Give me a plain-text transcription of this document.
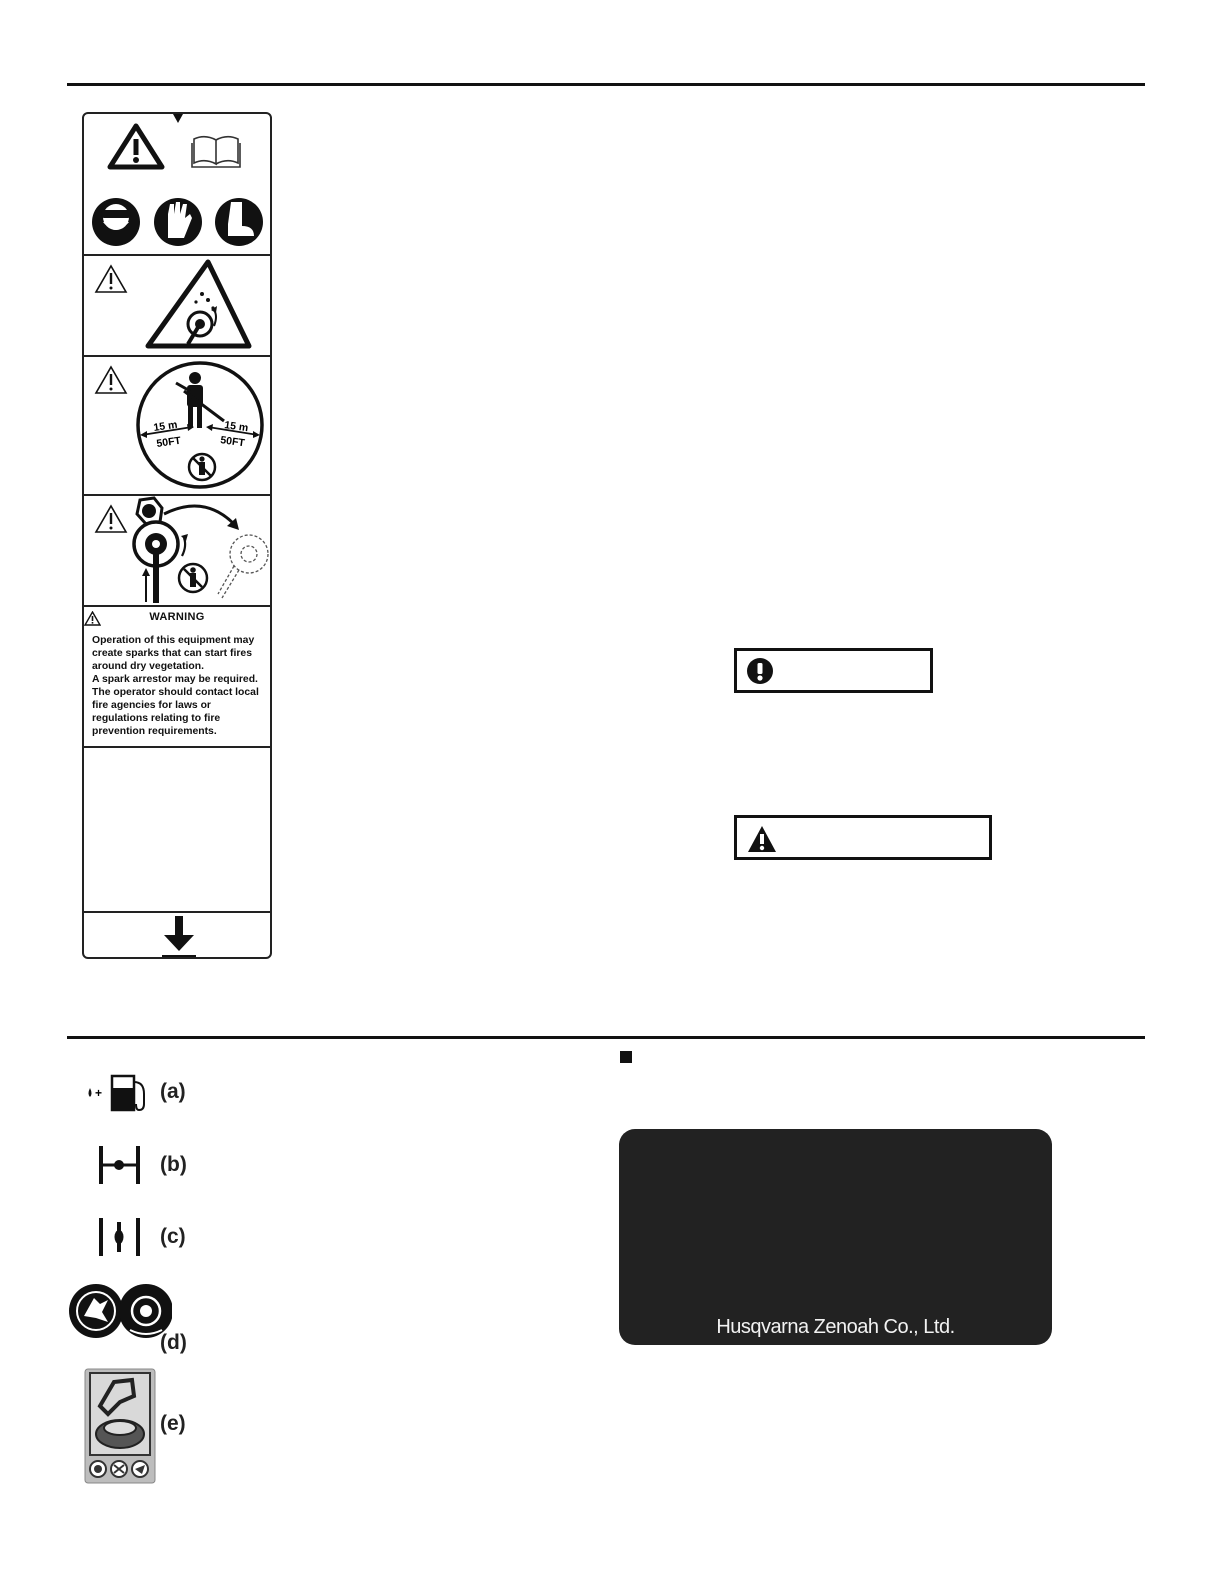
15 m
50FT
15 m
50FT
WARNING

Operation of this equipment may
create sparks that can start fires
around dry vegetation.
A spark arrestor may be required.
The operator should contact local
fire agencies for laws or
regulations relating to fire
prevention requirements.

+	(a)
(b)
(c)
(d)
(e)
Husqvarna Zenoah Co., Ltd.
